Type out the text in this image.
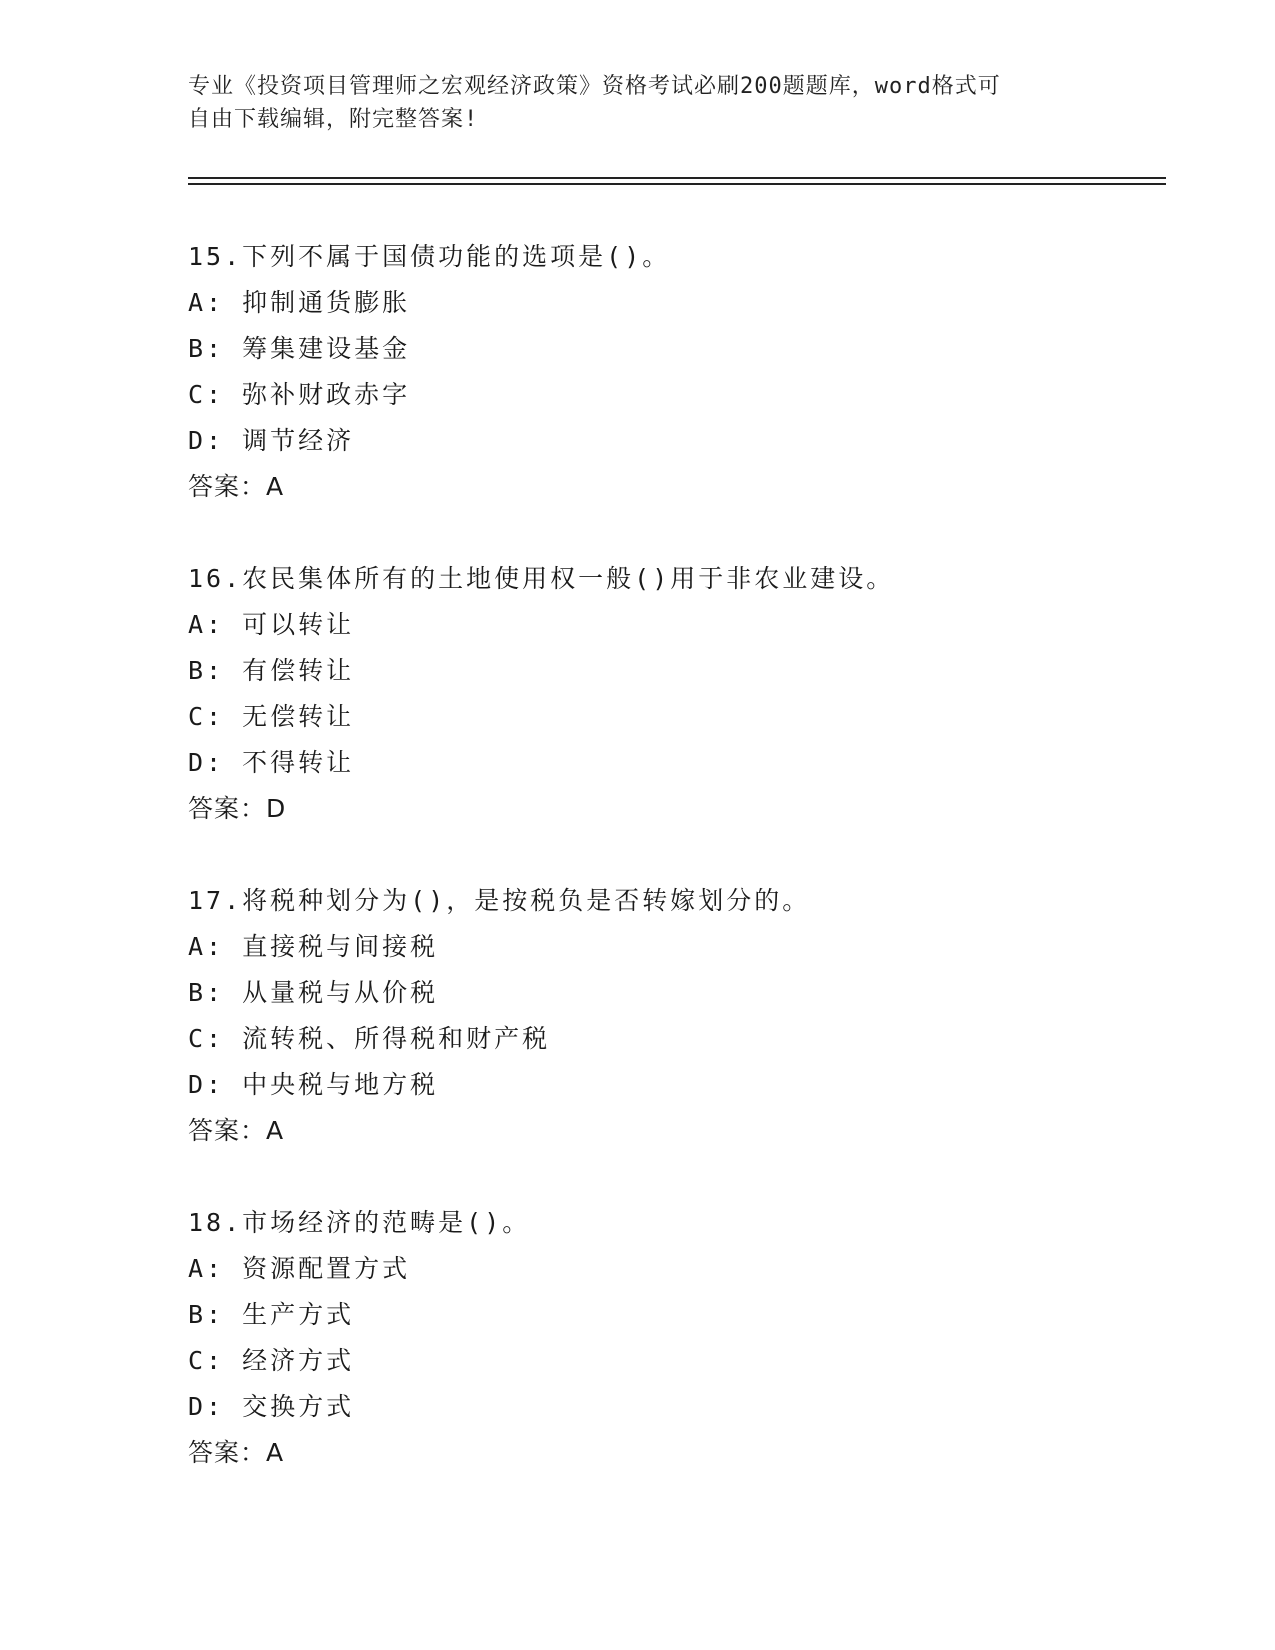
专业《投资项目管理师之宏观经济政策》资格考试必刷200题题库，word格式可
自由下载编辑，附完整答案!
15.下列不属于国债功能的选项是()。
A: 抑制通货膨胀
B: 筹集建设基金
C: 弥补财政赤字
D: 调节经济
答案：A
16.农民集体所有的土地使用权一般()用于非农业建设。
A: 可以转让
B: 有偿转让
C: 无偿转让
D: 不得转让
答案：D
17.将税种划分为()，是按税负是否转嫁划分的。
A: 直接税与间接税
B: 从量税与从价税
C: 流转税、所得税和财产税
D: 中央税与地方税
答案：A
18.市场经济的范畴是()。
A: 资源配置方式
B: 生产方式
C: 经济方式
D: 交换方式
答案：A
